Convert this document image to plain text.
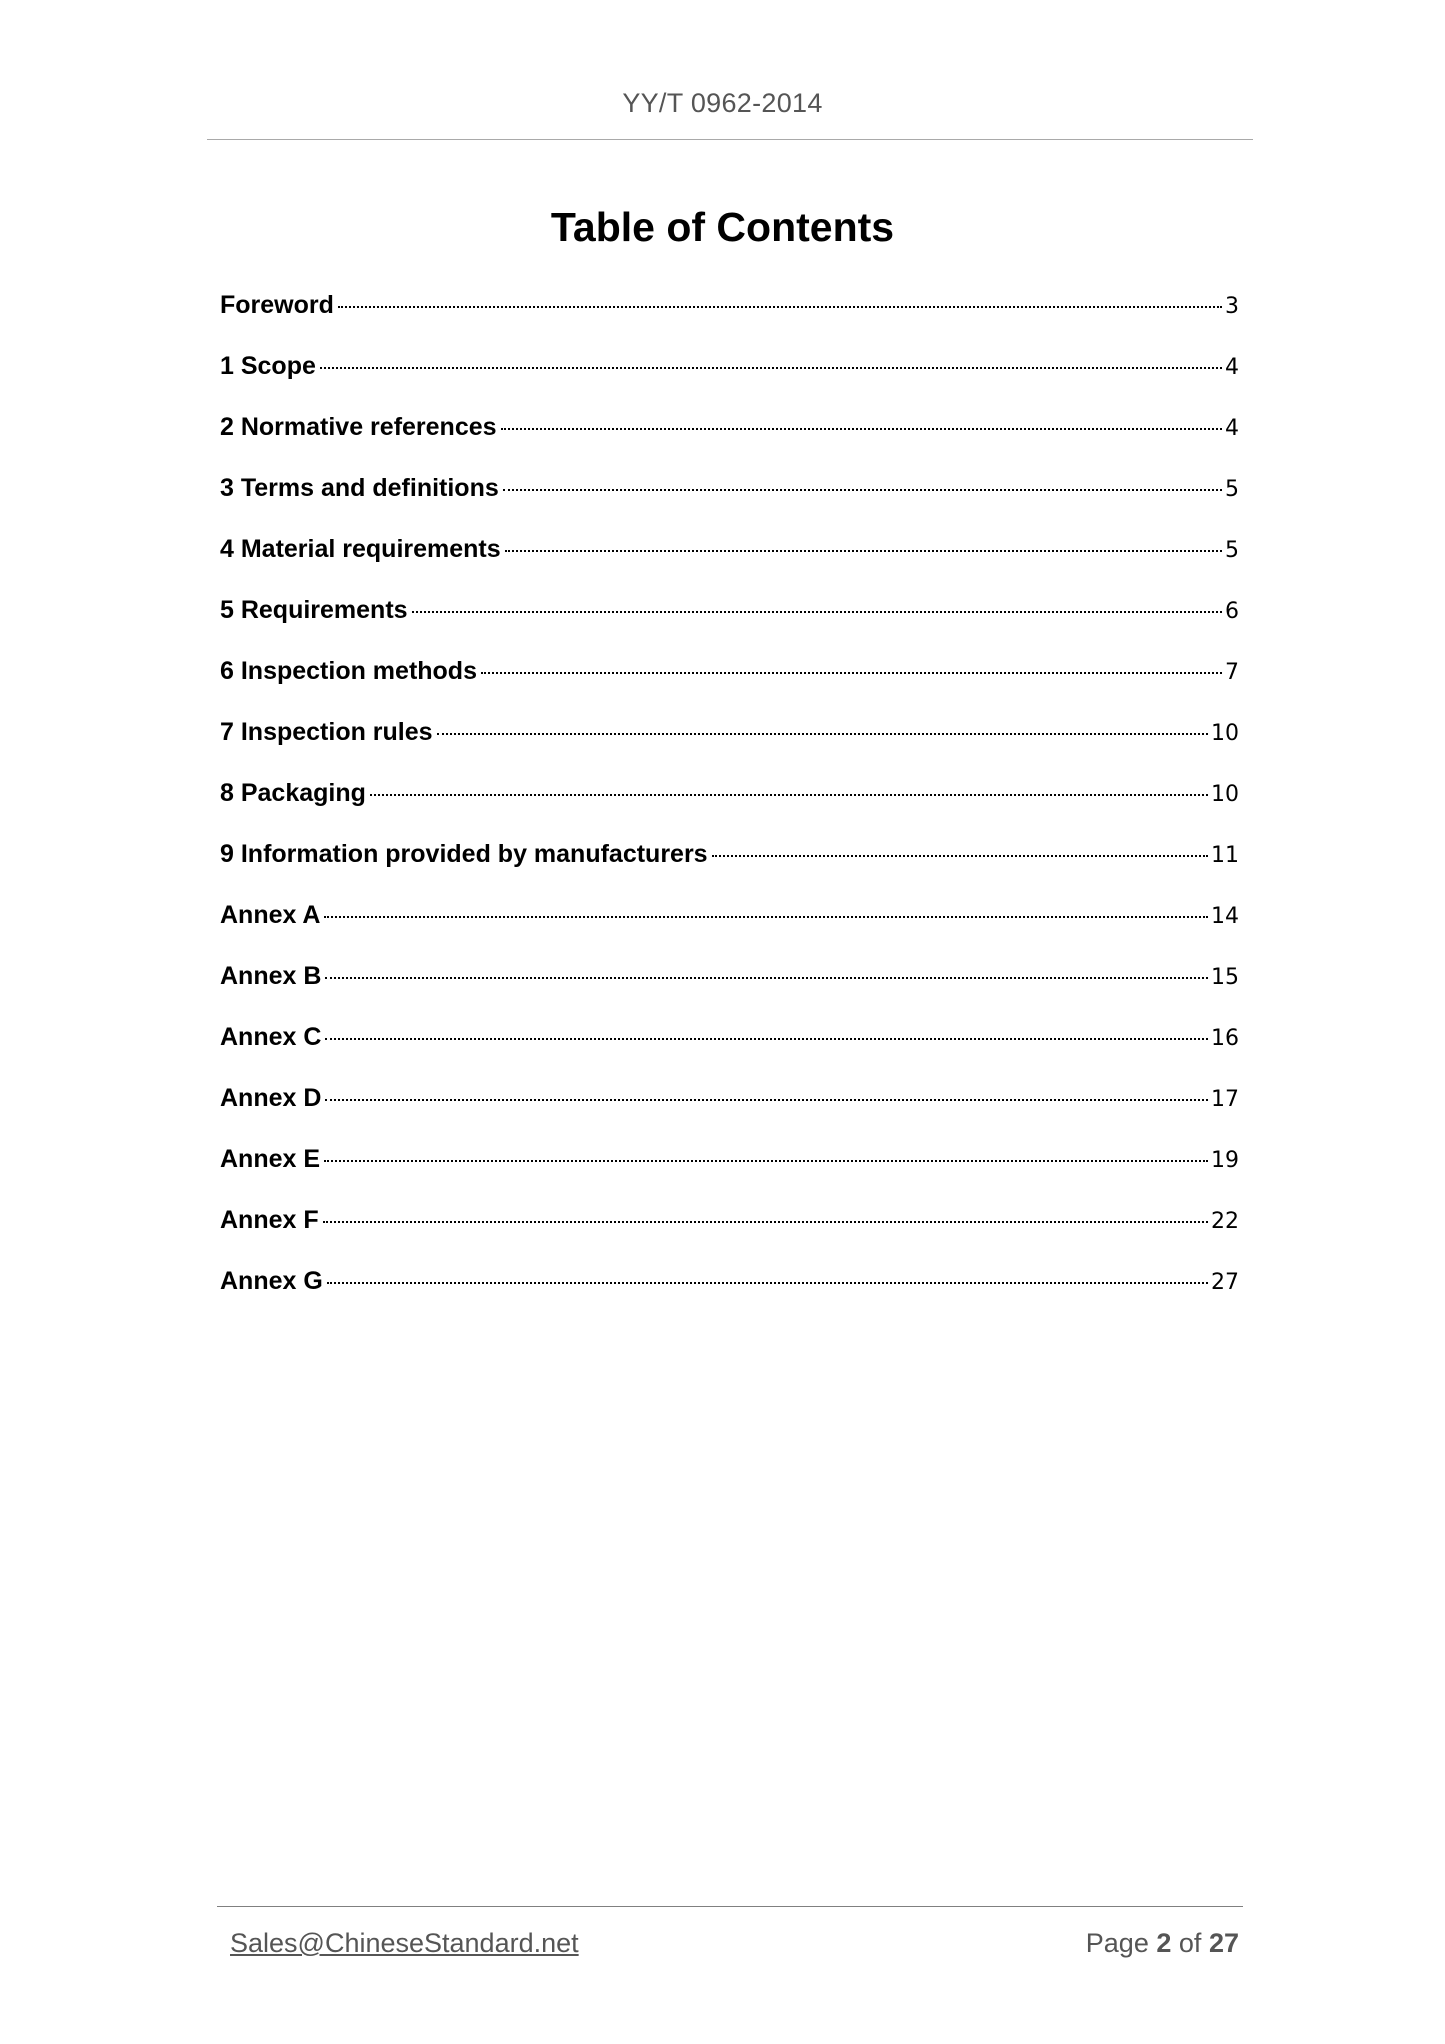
YY/T 0962-2014
Table of Contents
Foreword	3
1 Scope	4
2 Normative references	4
3 Terms and definitions	5
4 Material requirements	5
5 Requirements	6
6 Inspection methods	7
7 Inspection rules	10
8 Packaging	10
9 Information provided by manufacturers	11
Annex A	14
Annex B	15
Annex C	16
Annex D	17
Annex E	19
Annex F	22
Annex G	27
Sales@ChineseStandard.net	Page 2 of 27
